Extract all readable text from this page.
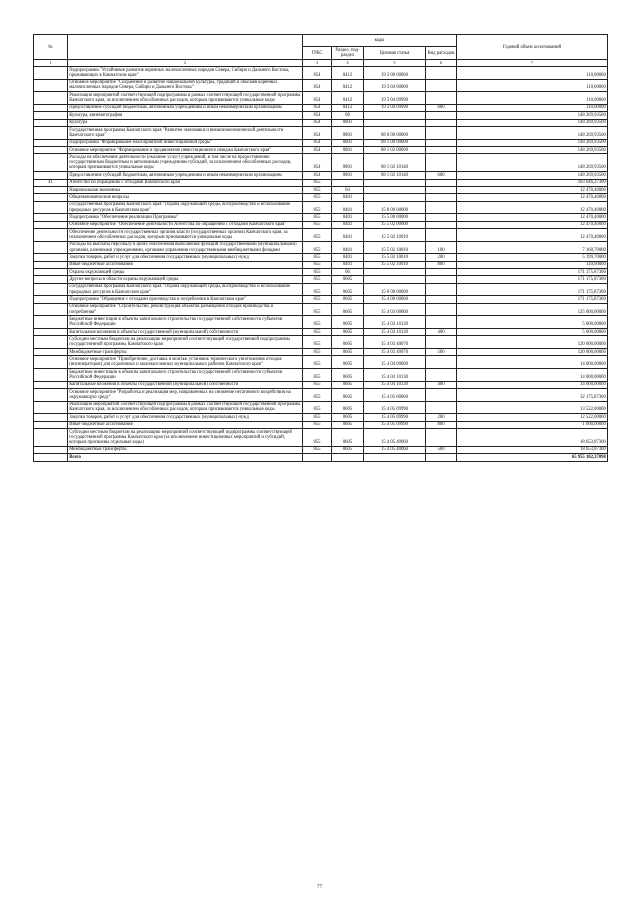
№		коды				Годовой объем ассигнований
		ГРБС	Раздел, под-раздел	Целевая статья	Вид расходов	
1	2	3	4	5	6	7
	Подпрограмма "Устойчивое развитие коренных малочисленных народов Севера, Сибири и Дальнего Востока, проживающих в Камчатском крае"	854	0412	19 3 00 00000		110,00000
	Основное мероприятие "Сохранение и развитие национальной культуры, традиций и обычаев коренных малочисленных народов Севера, Сибири и Дальнего Востока"	854	0412	19 3 04 00000		110,00000
	Реализация мероприятий соответствующей подпрограммы в рамках соответствующей государственной программы Камчатского края, за исключением обособленных расходов, которым присваиваются уникальные коды	854	0412	19 3 04 09990		110,00000
	Предоставление субсидий бюджетным, автономным учреждениям и иным некоммерческим организациям	854	0412	19 3 04 09990	600	110,00000
	Культура, кинематография	854	08			148 269,93500
	Культура	854	0801			148 269,93500
	Государственная программа Камчатского края "Развитие экономики и внешнеэкономической деятельности Камчатского края"	854	0801	08 0 00 00000		148 269,93500
	Подпрограмма "Формирование благоприятной инвестиционной среды"	854	0801	08 1 00 00000		148 269,93500
	Основное мероприятие "Формирование и продвижение инвестиционного имиджа Камчатского края"	854	0801	08 1 02 00000		148 269,93500
	Расходы на обеспечение деятельности (оказание услуг) учреждений, в том числе на предоставление государственным бюджетным и автономным учреждениям субсидий, за исключением обособленных расходов, которым присваиваются уникальные коды	854	0801	08 1 02 10140		148 269,93500
	Предоставление субсидий бюджетным, автономным учреждениям и иным некоммерческим организациям	854	0801	08 1 02 10140	600	148 269,93500
41	Агентство по обращению с отходами Камчатского края	855				183 646,27300
	Национальная экономика	855	04			12 470,40000
	Общеэкономические вопросы	855	0401			12 470,40000
	Государственная программа Камчатского края "Охрана окружающей среды, воспроизводство и использование природных ресурсов в Камчатском крае"	855	0401	15 0 00 00000		12 470,40000
	Подпрограмма "Обеспечение реализации Программы"	855	0401	15 5 00 00000		12 470,40000
	Основное мероприятие "Обеспечение деятельности Агентства по обращению с отходами Камчатского края"	855	0401	15 5 02 00000		12 470,40000
	Обеспечение деятельности государственных органов власти (государственных органов) Камчатского края, за исключением обособленных расходов, которым присваиваются уникальные коды	855	0401	15 5 02 10010		12 470,40000
	Расходы на выплаты персоналу в целях обеспечения выполнения функций государственными (муниципальными) органами, казенными учреждениями, органами управления государственными внебюджетными фондами	855	0401	15 5 02 10010	100	7 160,70000
	Закупка товаров, работ и услуг для обеспечения государственных (муниципальных) нужд	855	0401	15 5 02 10010	200	5 199,70000
	Иные бюджетные ассигнования	855	0401	15 5 02 10010	800	110,00000
	Охрана окружающей среды	855	06			171 175,87300
	Другие вопросы в области охраны окружающей среды	855	0605			171 175,87300
	Государственная программа Камчатского края "Охрана окружающей среды, воспроизводство и использование природных ресурсов в Камчатском крае"	855	0605	15 0 00 00000		171 175,87300
	Подпрограмма "Обращение с отходами производства и потребления в Камчатском крае"	855	0605	15 4 00 00000		171 175,87300
	Основное мероприятие "Строительство, реконструкция объектов размещения отходов производства и потребления"	855	0605	15 4 03 00000		125 000,00000
	Бюджетные инвестиции в объекты капитального строительства государственной собственности субъектов Российской Федерации	855	0605	15 4 03 10130		5 000,00000
	Капитальные вложения в объекты государственной (муниципальной) собственности	855	0605	15 4 03 10130	400	5 000,00000
	Субсидии местным бюджетам на реализацию мероприятий соответствующей государственной подпрограммы государственной программы Камчатского края	855	0605	15 4 03 40070		120 000,00000
	Межбюджетные трансферты	855	0605	15 4 03 40070	500	120 000,00000
	Основное мероприятие "Приобретение, доставка и монтаж установок термического уничтожения отходов (инсинераторов) для отдаленных и малонаселенных муниципальных районов Камчатского края"	855	0605	15 4 04 00000		14 000,00000
	Бюджетные инвестиции в объекты капитального строительства государственной собственности субъектов Российской Федерации	855	0605	15 4 04 10130		14 000,00000
	Капитальные вложения в объекты государственной (муниципальной) собственности	855	0605	15 4 04 10130	400	14 000,00000
	Основное мероприятие "Разработка и реализация мер, направленных на снижение негативного воздействия на окружающую среду"	855	0605	15 4 05 00000		32 175,87300
	Реализация мероприятий соответствующей подпрограммы в рамках соответствующей государственной программы Камчатского края, за исключением обособленных расходов, которым присваиваются уникальные коды	855	0605	15 4 05 09990		13 522,00000
	Закупка товаров, работ и услуг для обеспечения государственных (муниципальных) нужд	855	0605	15 4 05 09990	200	12 522,00000
	Иные бюджетные ассигнования	855	0605	15 4 05 09990	800	1 000,00000
	Субсидии местным бюджетам на реализацию мероприятий соответствующей подпрограммы соответствующей государственной программы Камчатского края (за исключением инвестиционных мероприятий и субсидий, которым присвоены отдельные коды)	855	0605	15 4 05 40060		18 653,87300
	Межбюджетные трансферты	855	0605	15 4 05 40060	500	18 653,87300
	Всего					65 955 102,37098
77
